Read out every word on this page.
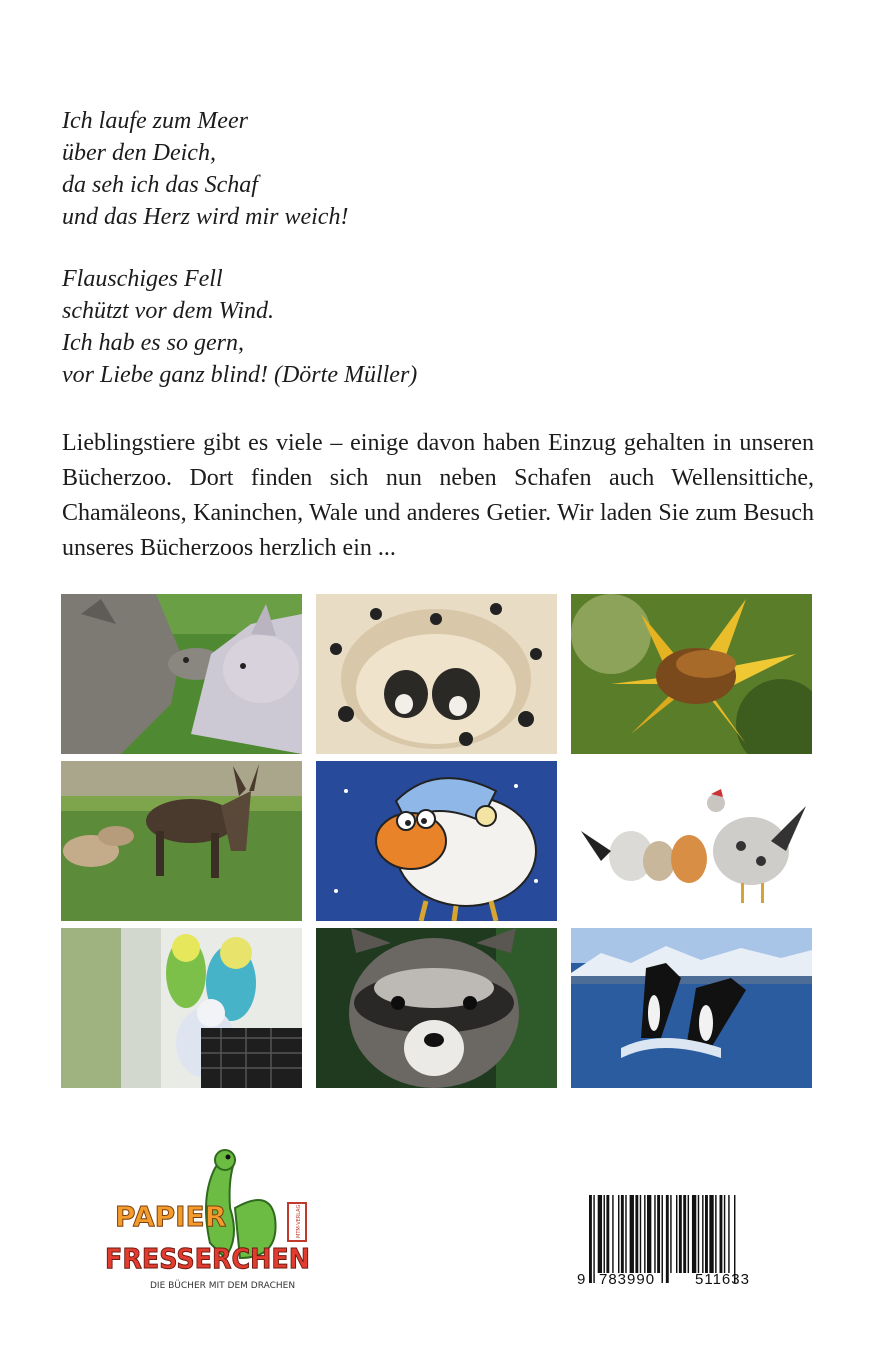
Ich laufe zum Meer
über den Deich,
da seh ich das Schaf
und das Herz wird mir weich!
Flauschiges Fell
schützt vor dem Wind.
Ich hab es so gern,
vor Liebe ganz blind! (Dörte Müller)
Lieblingstiere gibt es viele – einige davon haben Einzug gehalten in unseren Bücherzoo. Dort finden sich nun neben Schafen auch Wellensittiche, Chamäleons, Kaninchen, Wale und anderes Getier. Wir laden Sie zum Besuch unseres Bücherzoos herzlich ein ...
PAPIER
FRESSERCHEN
DIE BÜCHER MIT DEM DRACHEN
MTM-VERLAG
9 783990	511633
